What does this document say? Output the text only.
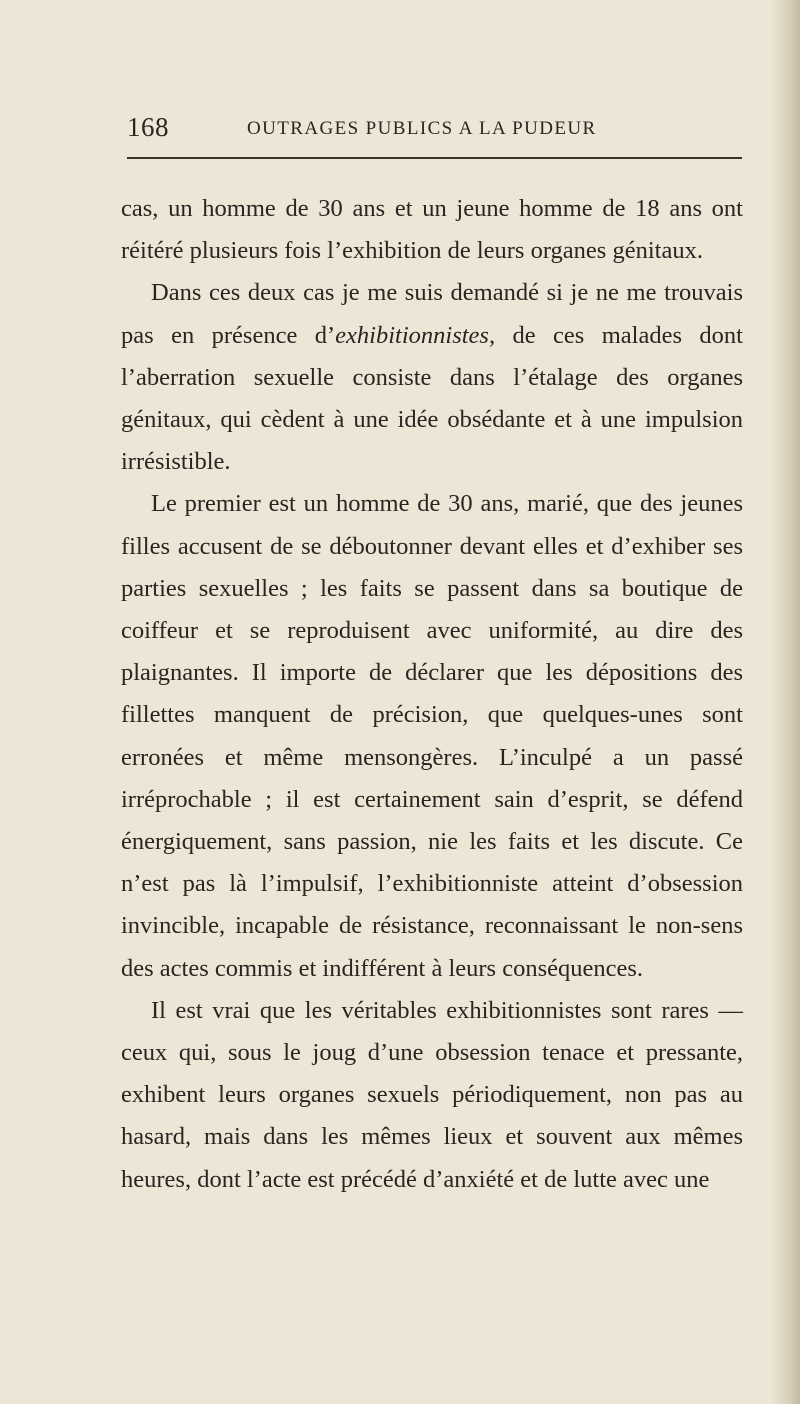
168	OUTRAGES PUBLICS A LA PUDEUR

cas, un homme de 30 ans et un jeune homme de 18 ans ont réitéré plusieurs fois l’exhibition de leurs organes génitaux.

Dans ces deux cas je me suis demandé si je ne me trouvais pas en présence d’exhibitionnistes, de ces malades dont l’aberration sexuelle consiste dans l’étalage des organes génitaux, qui cèdent à une idée obsédante et à une impulsion irrésistible.

Le premier est un homme de 30 ans, marié, que des jeunes filles accusent de se déboutonner devant elles et d’exhiber ses parties sexuelles ; les faits se passent dans sa boutique de coiffeur et se reproduisent avec uniformité, au dire des plaignantes. Il importe de déclarer que les dépositions des fillettes manquent de précision, que quelques-unes sont erronées et même mensongères. L’inculpé a un passé irréprochable ; il est certainement sain d’esprit, se défend énergiquement, sans passion, nie les faits et les discute. Ce n’est pas là l’impulsif, l’exhibitionniste atteint d’obsession invincible, incapable de résistance, reconnaissant le non-sens des actes commis et indifférent à leurs conséquences.

Il est vrai que les véritables exhibitionnistes sont rares — ceux qui, sous le joug d’une obsession tenace et pressante, exhibent leurs organes sexuels périodiquement, non pas au hasard, mais dans les mêmes lieux et souvent aux mêmes heures, dont l’acte est précédé d’anxiété et de lutte avec une
